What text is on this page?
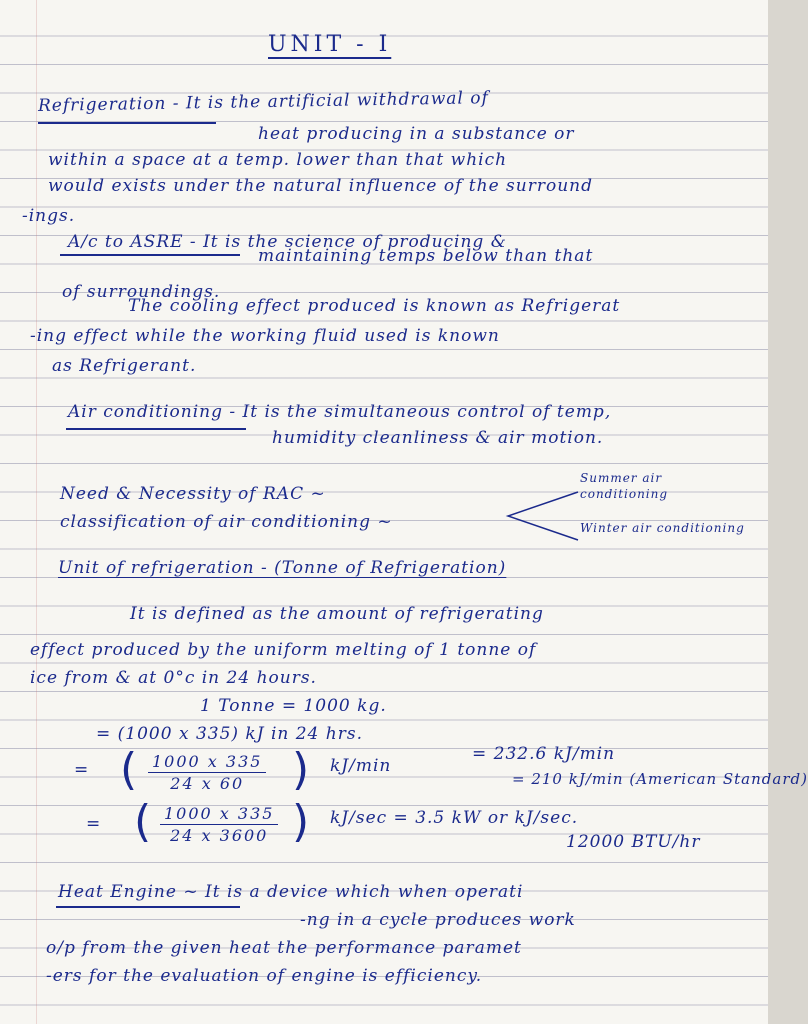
UNIT - I
Refrigeration - It is the artificial withdrawal of
heat producing in a substance or
within a space at a temp. lower than that which
would exists under the natural influence of the surround
-ings.
A/c to ASRE - It is the science of producing &
maintaining temps below than that
of surroundings.
The cooling effect produced is known as Refrigerat
-ing effect while the working fluid used is known
as Refrigerant.
Air conditioning - It is the simultaneous control of temp,
humidity cleanliness & air motion.
Need & Necessity of RAC ~
classification of air conditioning ~
Summer air conditioning
Winter air conditioning
Unit of refrigeration - (Tonne of Refrigeration)
It is defined as the amount of refrigerating
effect produced by the uniform melting of 1 tonne of
ice from & at 0°c in 24 hours.
1 Tonne = 1000 kg.
= (1000 x 335) kJ in 24 hrs.
= ( $\frac{1000 x 335}{24 x 60}$ ) kJ/min
= 232.6 kJ/min
= 210 kJ/min (American Standard)
= ( $\frac{1000 x 335}{24 x 3600}$ ) kJ/sec = 3.5 kW or kJ/sec.
12000 BTU/hr
Heat Engine ~ It is a device which when operati
-ng in a cycle produces work
o/p from the given heat the performance paramet
-ers for the evaluation of engine is efficiency.
